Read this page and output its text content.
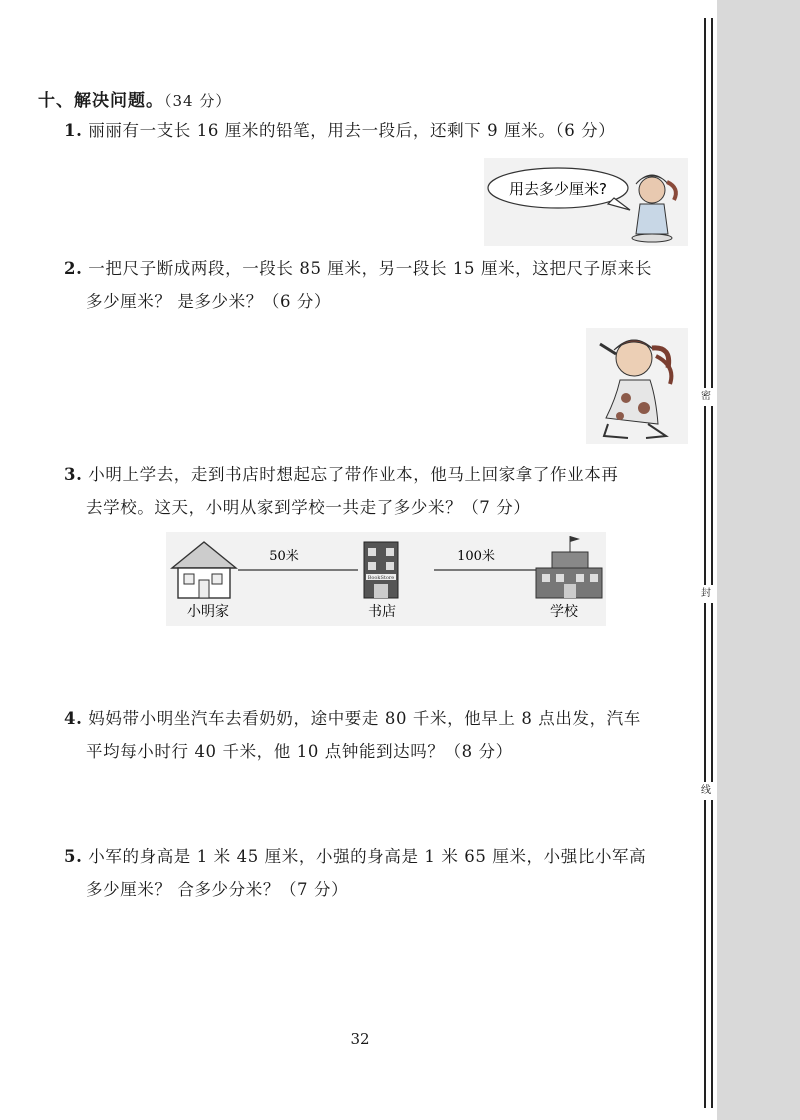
密
封
线
十、解决问题。（34 分）
1. 丽丽有一支长 16 厘米的铅笔，用去一段后，还剩下 9 厘米。（6 分）
用去多少厘米?
2. 一把尺子断成两段，一段长 85 厘米，另一段长 15 厘米，这把尺子原来长
多少厘米？ 是多少米？（6 分）
3. 小明上学去，走到书店时想起忘了带作业本，他马上回家拿了作业本再
去学校。这天，小明从家到学校一共走了多少米？（7 分）
50米
BookStore
100米
小明家	书店	学校
4. 妈妈带小明坐汽车去看奶奶，途中要走 80 千米，他早上 8 点出发，汽车
平均每小时行 40 千米，他 10 点钟能到达吗？（8 分）
5. 小军的身高是 1 米 45 厘米，小强的身高是 1 米 65 厘米，小强比小军高
多少厘米？ 合多少分米？（7 分）
32
